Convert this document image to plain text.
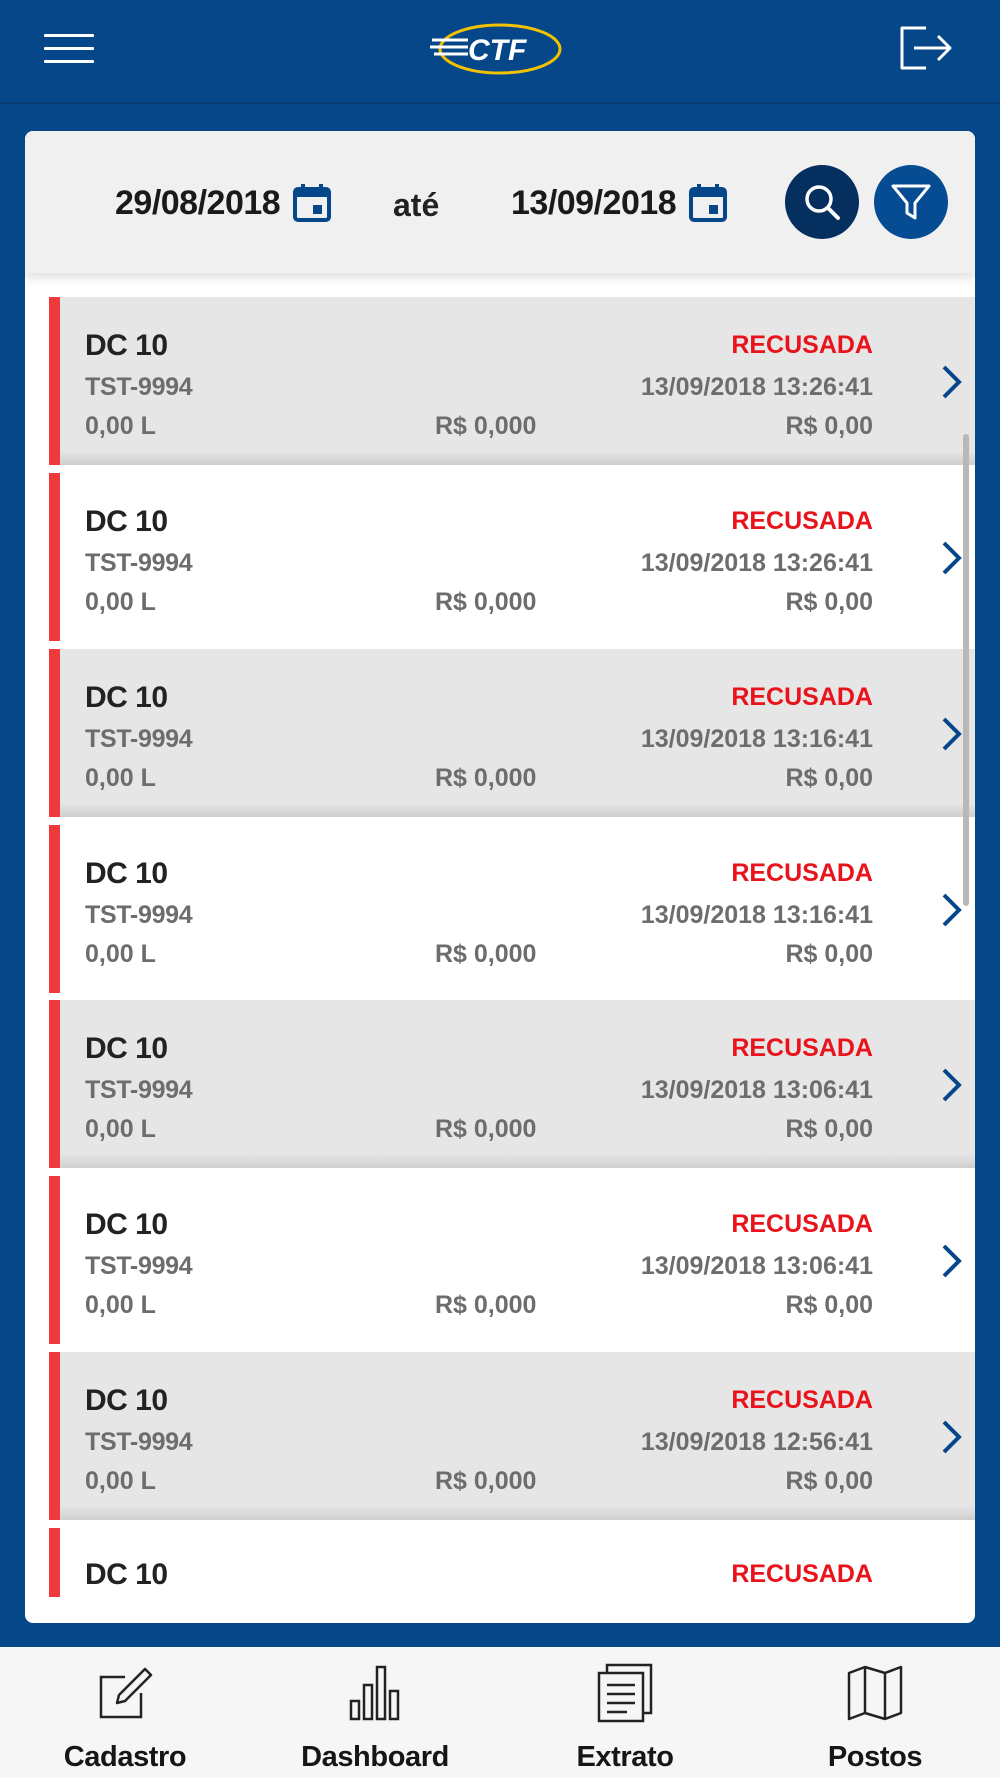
CTF
29/08/2018	até 13/09/2018
DC 10
TST-9994
0,00 L	R$ 0,000
RECUSADA
13/09/2018 13:26:41
R$ 0,00
DC 10
TST-9994
0,00 L	R$ 0,000
RECUSADA
13/09/2018 13:26:41
R$ 0,00
DC 10
TST-9994
0,00 L	R$ 0,000
RECUSADA
13/09/2018 13:16:41
R$ 0,00
DC 10
TST-9994
0,00 L	R$ 0,000
RECUSADA
13/09/2018 13:16:41
R$ 0,00
DC 10
TST-9994
0,00 L	R$ 0,000
RECUSADA
13/09/2018 13:06:41
R$ 0,00
DC 10
TST-9994
0,00 L	R$ 0,000
RECUSADA
13/09/2018 13:06:41
R$ 0,00
DC 10
TST-9994
0,00 L	R$ 0,000
RECUSADA
13/09/2018 12:56:41
R$ 0,00
DC 10	RECUSADA
Cadastro	Dashboard	Extrato	Postos
